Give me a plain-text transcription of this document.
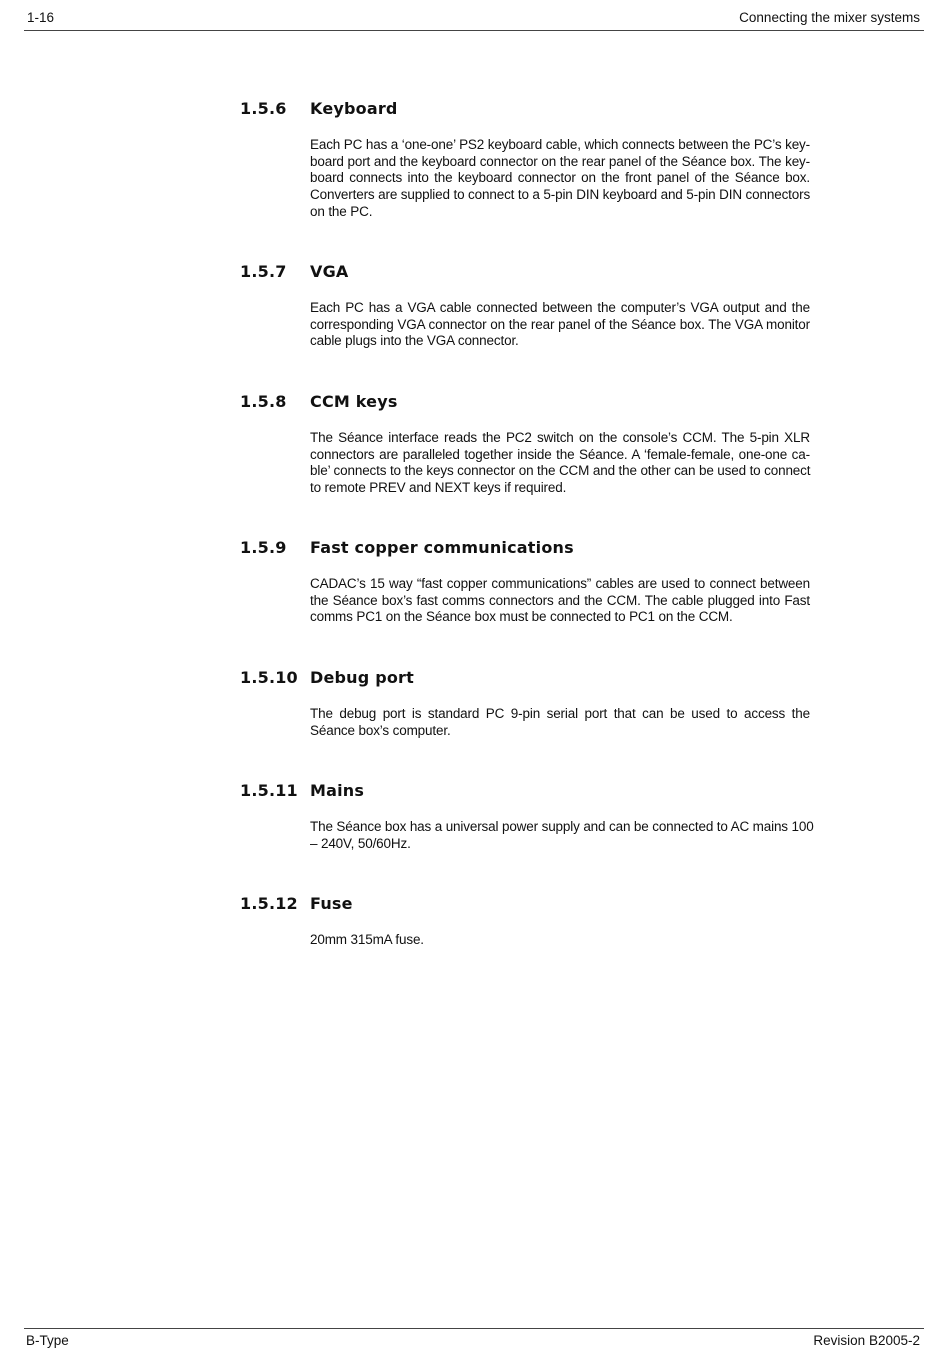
1-16	Connecting the mixer systems
1.5.6 Keyboard

Each PC has a ‘one-one’ PS2 keyboard cable, which connects between the PC’s key-
board port and the keyboard connector on the rear panel of the Séance box. The key-
board connects into the keyboard connector on the front panel of the Séance box.
Converters are supplied to connect to a 5-pin DIN keyboard and 5-pin DIN connectors
on the PC.

1.5.7 VGA

Each PC has a VGA cable connected between the computer’s VGA output and the
corresponding VGA connector on the rear panel of the Séance box. The VGA monitor
cable plugs into the VGA connector.

1.5.8 CCM keys

The Séance interface reads the PC2 switch on the console’s CCM. The 5-pin XLR
connectors are paralleled together inside the Séance. A ‘female-female, one-one ca-
ble’ connects to the keys connector on the CCM and the other can be used to connect
to remote PREV and NEXT keys if required.

1.5.9 Fast copper communications

CADAC’s 15 way “fast copper communications” cables are used to connect between
the Séance box’s fast comms connectors and the CCM. The cable plugged into Fast
comms PC1 on the Séance box must be connected to PC1 on the CCM.

1.5.10 Debug port

The debug port is standard PC 9-pin serial port that can be used to access the
Séance box’s computer.

1.5.11 Mains

The Séance box has a universal power supply and can be connected to AC mains 100
– 240V, 50/60Hz.

1.5.12 Fuse

20mm 315mA fuse.

B-Type	Revision B2005-2
